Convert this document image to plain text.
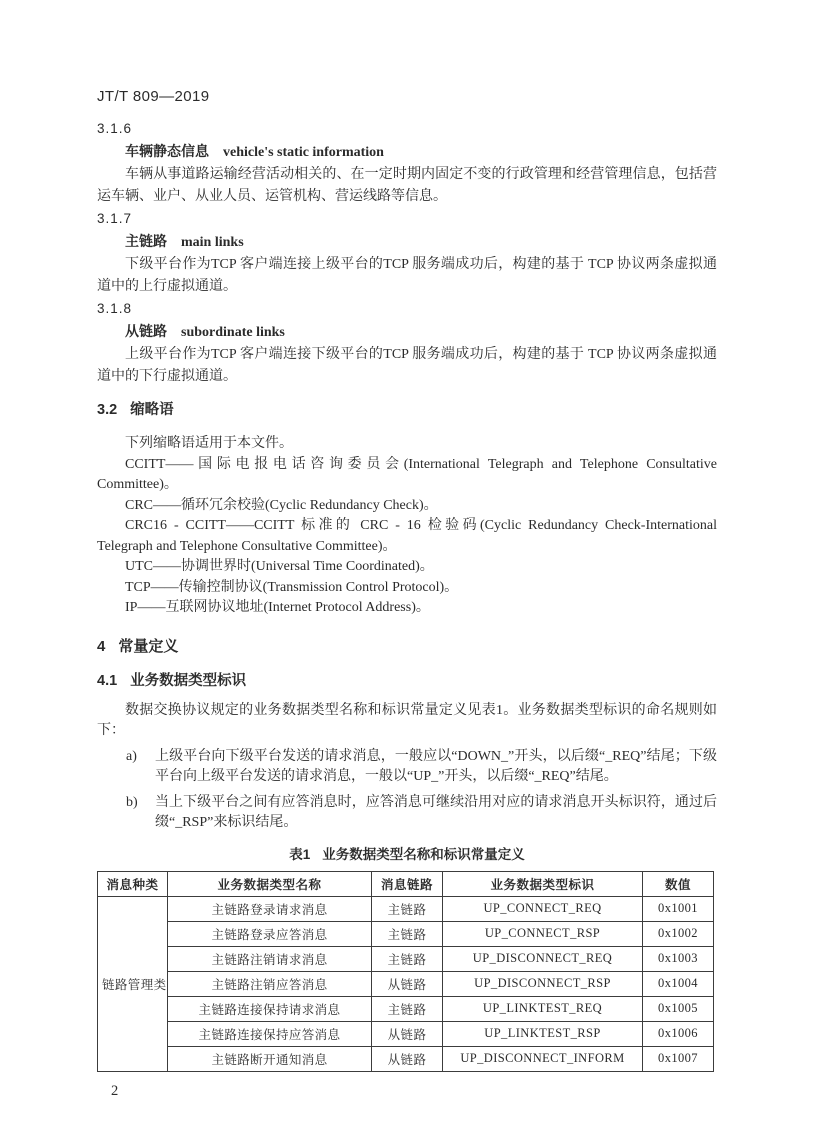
JT/T 809—2019
3.1.6
车辆静态信息 vehicle's static information

车辆从事道路运输经营活动相关的、在一定时期内固定不变的行政管理和经营管理信息，包括营运车辆、业户、从业人员、运管机构、营运线路等信息。

3.1.7
主链路 main links

下级平台作为TCP 客户端连接上级平台的TCP 服务端成功后，构建的基于 TCP 协议两条虚拟通道中的上行虚拟通道。

3.1.8
从链路 subordinate links

上级平台作为TCP 客户端连接下级平台的TCP 服务端成功后，构建的基于 TCP 协议两条虚拟通道中的下行虚拟通道。

3.2 缩略语

下列缩略语适用于本文件。

CCITT——国际电报电话咨询委员会(International Telegraph and Telephone Consultative Committee)。

CRC——循环冗余校验(Cyclic Redundancy Check)。

CRC16 - CCITT——CCITT 标准的 CRC - 16 检验码(Cyclic Redundancy Check-International Telegraph and Telephone Consultative Committee)。

UTC——协调世界时(Universal Time Coordinated)。

TCP——传输控制协议(Transmission Control Protocol)。

IP——互联网协议地址(Internet Protocol Address)。

4 常量定义
4.1 业务数据类型标识

数据交换协议规定的业务数据类型名称和标识常量定义见表1。业务数据类型标识的命名规则如下：

a) 上级平台向下级平台发送的请求消息，一般应以“DOWN_”开头，以后缀“_REQ”结尾；下级平台向上级平台发送的请求消息，一般以“UP_”开头，以后缀“_REQ”结尾。
b) 当上下级平台之间有应答消息时，应答消息可继续沿用对应的请求消息开头标识符，通过后缀“_RSP”来标识结尾。
表1 业务数据类型名称和标识常量定义
消息种类	业务数据类型名称	消息链路	业务数据类型标识	数值
链路管理类	主链路登录请求消息	主链路	UP_CONNECT_REQ	0x1001
	主链路登录应答消息	主链路	UP_CONNECT_RSP	0x1002
	主链路注销请求消息	主链路	UP_DISCONNECT_REQ	0x1003
	主链路注销应答消息	从链路	UP_DISCONNECT_RSP	0x1004
	主链路连接保持请求消息	主链路	UP_LINKTEST_REQ	0x1005
	主链路连接保持应答消息	从链路	UP_LINKTEST_RSP	0x1006
	主链路断开通知消息	从链路	UP_DISCONNECT_INFORM	0x1007
2
